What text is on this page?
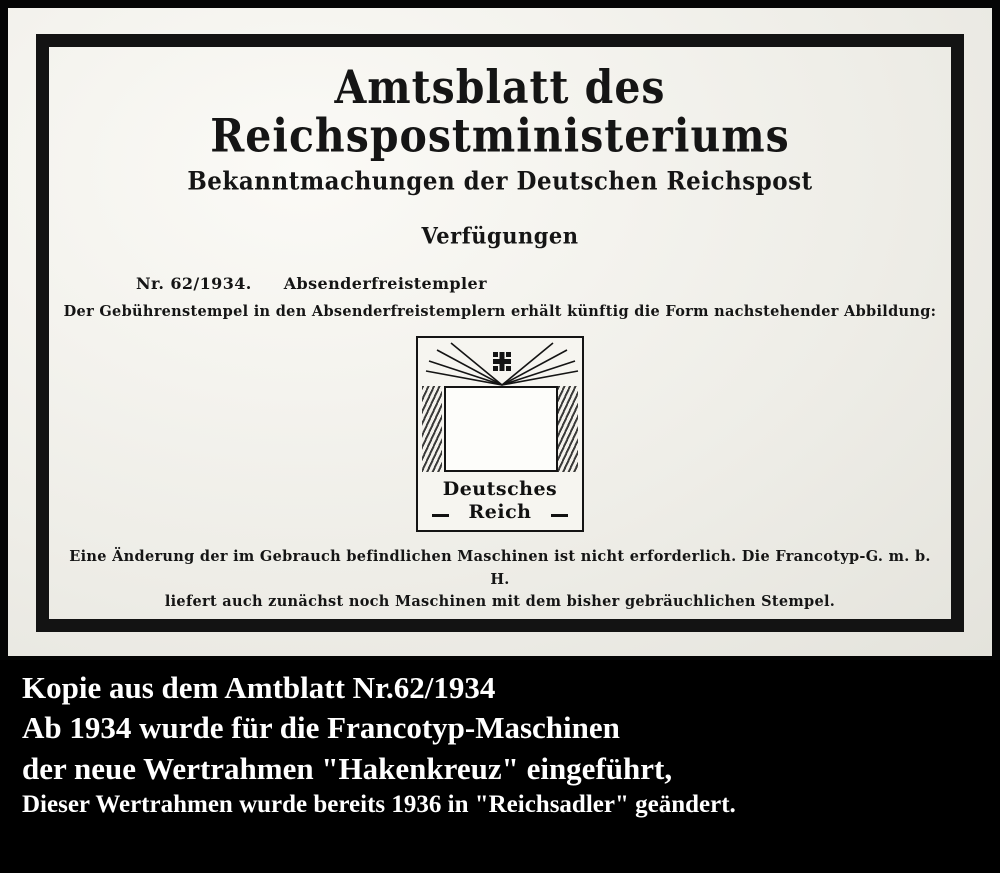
Amtsblatt des Reichspostministeriums
Bekanntmachungen der Deutschen Reichspost
Verfügungen
Nr. 62/1934. Absenderfreistempler
Der Gebührenstempel in den Absenderfreistemplern erhält künftig die Form nachstehender Abbildung:
Deutsches
Reich
Eine Änderung der im Gebrauch befindlichen Maschinen ist nicht erforderlich. Die Francotyp-G. m. b. H.
liefert auch zunächst noch Maschinen mit dem bisher gebräuchlichen Stempel.
Kopie aus dem Amtblatt Nr.62/1934
Ab 1934 wurde für die Francotyp-Maschinen
der neue Wertrahmen "Hakenkreuz" eingeführt,
Dieser Wertrahmen wurde bereits 1936 in "Reichsadler" geändert.
